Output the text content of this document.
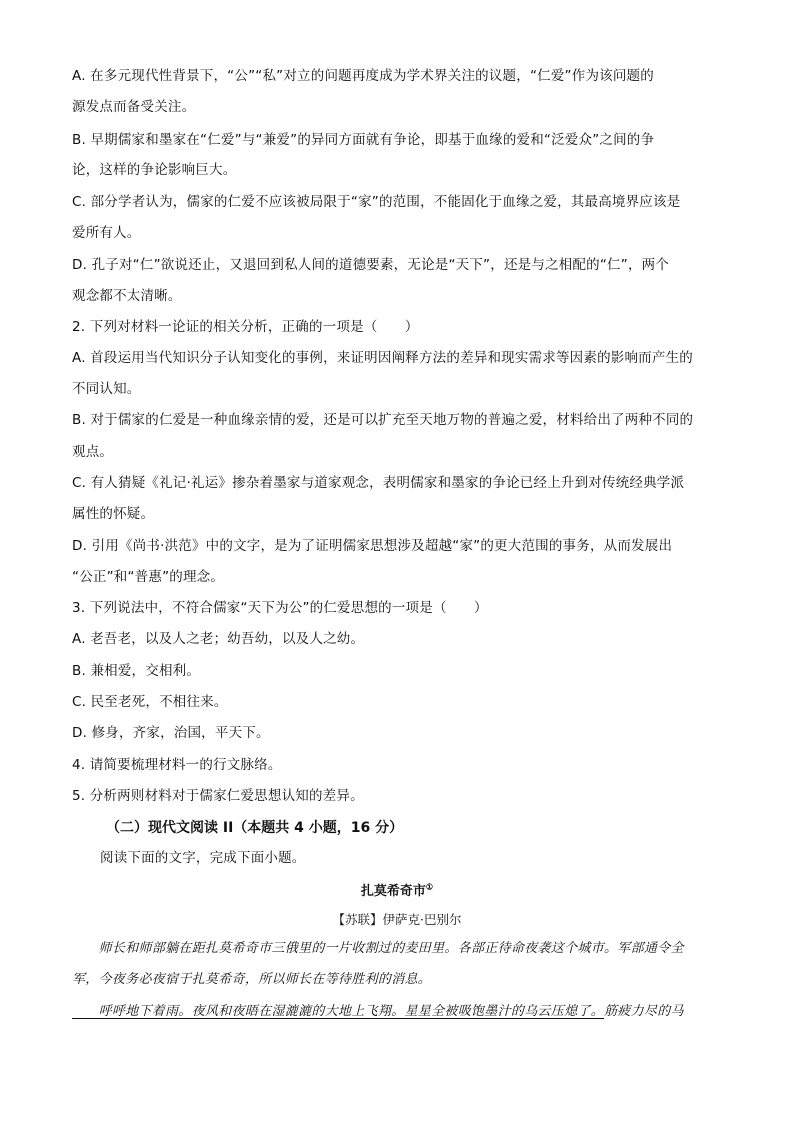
A. 在多元现代性背景下，“公”“私”对立的问题再度成为学术界关注的议题，“仁爱”作为该问题的
源发点而备受关注。
B. 早期儒家和墨家在“仁爱”与“兼爱”的异同方面就有争论，即基于血缘的爱和“泛爱众”之间的争
论，这样的争论影响巨大。
C. 部分学者认为，儒家的仁爱不应该被局限于“家”的范围，不能固化于血缘之爱，其最高境界应该是
爱所有人。
D. 孔子对“仁”欲说还止，又退回到私人间的道德要素，无论是“天下”，还是与之相配的“仁”，两个
观念都不太清晰。
2. 下列对材料一论证的相关分析，正确的一项是（　　）
A. 首段运用当代知识分子认知变化的事例，来证明因阐释方法的差异和现实需求等因素的影响而产生的
不同认知。
B. 对于儒家的仁爱是一种血缘亲情的爱，还是可以扩充至天地万物的普遍之爱，材料给出了两种不同的
观点。
C. 有人猜疑《礼记·礼运》掺杂着墨家与道家观念，表明儒家和墨家的争论已经上升到对传统经典学派
属性的怀疑。
D. 引用《尚书·洪范》中的文字，是为了证明儒家思想涉及超越“家”的更大范围的事务，从而发展出
“公正”和“普惠”的理念。
3. 下列说法中，不符合儒家“天下为公”的仁爱思想的一项是（　　）
A. 老吾老，以及人之老；幼吾幼，以及人之幼。
B. 兼相爱，交相利。
C. 民至老死，不相往来。
D. 修身，齐家，治国，平天下。
4. 请简要梳理材料一的行文脉络。
5. 分析两则材料对于儒家仁爱思想认知的差异。
（二）现代文阅读 II（本题共 4 小题，16 分）
阅读下面的文字，完成下面小题。
扎莫希奇市①
【苏联】伊萨克·巴别尔
　　师长和师部躺在距扎莫希奇市三俄里的一片收割过的麦田里。各部正待命夜袭这个城市。军部通令全
军，今夜务必夜宿于扎莫希奇，所以师长在等待胜利的消息。
　　呼呼地下着雨。夜风和夜晤在湿漉漉的大地上飞翔。星星全被吸饱墨汁的乌云压熄了。筋疲力尽的马
